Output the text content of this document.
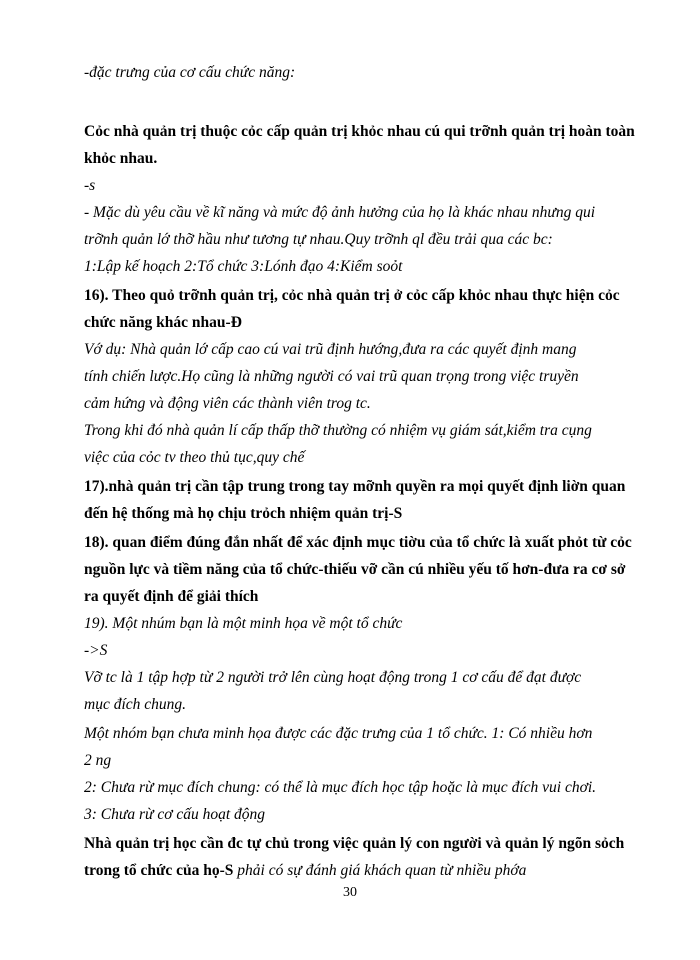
-đặc trưng của cơ cấu chức năng:
Cỏc nhà quản trị thuộc cỏc cấp quản trị khỏc nhau cú qui trỡnh quản trị hoàn toàn
khỏc nhau.
-s
- Mặc dù yêu cầu về kĩ năng và mức độ ảnh hưởng của họ là khác nhau nhưng qui
trỡnh quản lớ thỡ hầu như tương tự nhau.Quy trỡnh ql đều trải qua các bc:
1:Lập kế hoạch 2:Tổ chức 3:Lónh đạo 4:Kiểm soỏt
16). Theo quỏ trỡnh quản trị, cỏc nhà quản trị ở cỏc cấp khỏc nhau thực hiện cỏc
chức năng khác nhau-Đ
Vớ dụ: Nhà quản lớ cấp cao cú vai trũ định hướng,đưa ra các quyết định mang
tính chiến lược.Họ cũng là những người có vai trũ quan trọng trong việc truyền
cảm hứng và động viên các thành viên trog tc.
Trong khi đó nhà quản lí cấp thấp thỡ thường có nhiệm vụ giám sát,kiểm tra cụng
việc của cỏc tv theo thủ tục,quy chế
17).nhà quản trị cần tập trung trong tay mỡnh quyền ra mọi quyết định liờn quan
đến hệ thống mà họ chịu trỏch nhiệm quản trị-S
18). quan điểm đúng đắn nhất để xác định mục tiờu của tổ chức là xuất phỏt từ cỏc
nguồn lực và tiềm năng của tổ chức-thiếu vỡ cần cú nhiều yếu tố hơn-đưa ra cơ sở
ra quyết định để giải thích
19). Một nhúm bạn là một minh họa về một tổ chức
->S
Vỡ tc là 1 tập hợp từ 2 người trở lên cùng hoạt động trong 1 cơ cấu để đạt được
mục đích chung.
Một nhóm bạn chưa minh họa được các đặc trưng của 1 tổ chức. 1: Có nhiều hơn
2 ng
2: Chưa rừ mục đích chung: có thể là mục đích học tập hoặc là mục đích vui chơi.
3: Chưa rừ cơ cấu hoạt động
Nhà quản trị học cần đc tự chủ trong việc quản lý con người và quản lý ngõn sỏch
trong tổ chức của họ-S phải có sự đánh giá khách quan từ nhiều phớa
30
